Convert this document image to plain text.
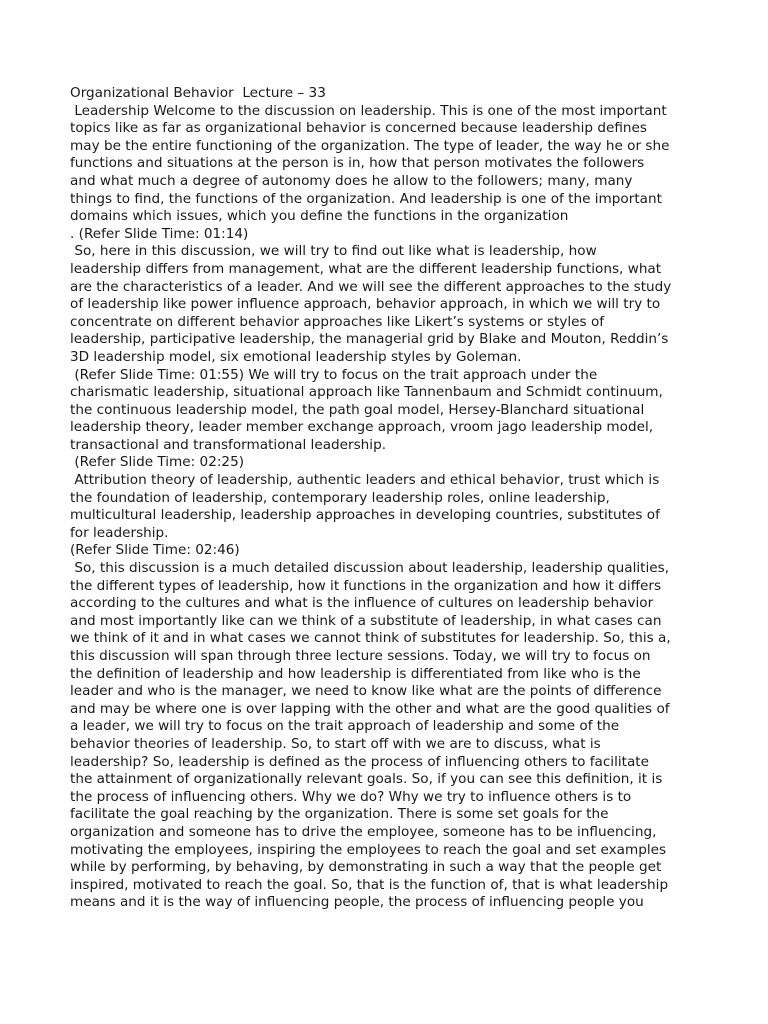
Organizational Behavior  Lecture – 33
Leadership Welcome to the discussion on leadership. This is one of the most important
topics like as far as organizational behavior is concerned because leadership defines
may be the entire functioning of the organization. The type of leader, the way he or she
functions and situations at the person is in, how that person motivates the followers
and what much a degree of autonomy does he allow to the followers; many, many
things to find, the functions of the organization. And leadership is one of the important
domains which issues, which you define the functions in the organization
. (Refer Slide Time: 01:14)
So, here in this discussion, we will try to find out like what is leadership, how
leadership differs from management, what are the different leadership functions, what
are the characteristics of a leader. And we will see the different approaches to the study
of leadership like power influence approach, behavior approach, in which we will try to
concentrate on different behavior approaches like Likert’s systems or styles of
leadership, participative leadership, the managerial grid by Blake and Mouton, Reddin’s
3D leadership model, six emotional leadership styles by Goleman.
(Refer Slide Time: 01:55) We will try to focus on the trait approach under the
charismatic leadership, situational approach like Tannenbaum and Schmidt continuum,
the continuous leadership model, the path goal model, Hersey-Blanchard situational
leadership theory, leader member exchange approach, vroom jago leadership model,
transactional and transformational leadership.
(Refer Slide Time: 02:25)
Attribution theory of leadership, authentic leaders and ethical behavior, trust which is
the foundation of leadership, contemporary leadership roles, online leadership,
multicultural leadership, leadership approaches in developing countries, substitutes of
for leadership.
(Refer Slide Time: 02:46)
So, this discussion is a much detailed discussion about leadership, leadership qualities,
the different types of leadership, how it functions in the organization and how it differs
according to the cultures and what is the influence of cultures on leadership behavior
and most importantly like can we think of a substitute of leadership, in what cases can
we think of it and in what cases we cannot think of substitutes for leadership. So, this a,
this discussion will span through three lecture sessions. Today, we will try to focus on
the definition of leadership and how leadership is differentiated from like who is the
leader and who is the manager, we need to know like what are the points of difference
and may be where one is over lapping with the other and what are the good qualities of
a leader, we will try to focus on the trait approach of leadership and some of the
behavior theories of leadership. So, to start off with we are to discuss, what is
leadership? So, leadership is defined as the process of influencing others to facilitate
the attainment of organizationally relevant goals. So, if you can see this definition, it is
the process of influencing others. Why we do? Why we try to influence others is to
facilitate the goal reaching by the organization. There is some set goals for the
organization and someone has to drive the employee, someone has to be influencing,
motivating the employees, inspiring the employees to reach the goal and set examples
while by performing, by behaving, by demonstrating in such a way that the people get
inspired, motivated to reach the goal. So, that is the function of, that is what leadership
means and it is the way of influencing people, the process of influencing people you
